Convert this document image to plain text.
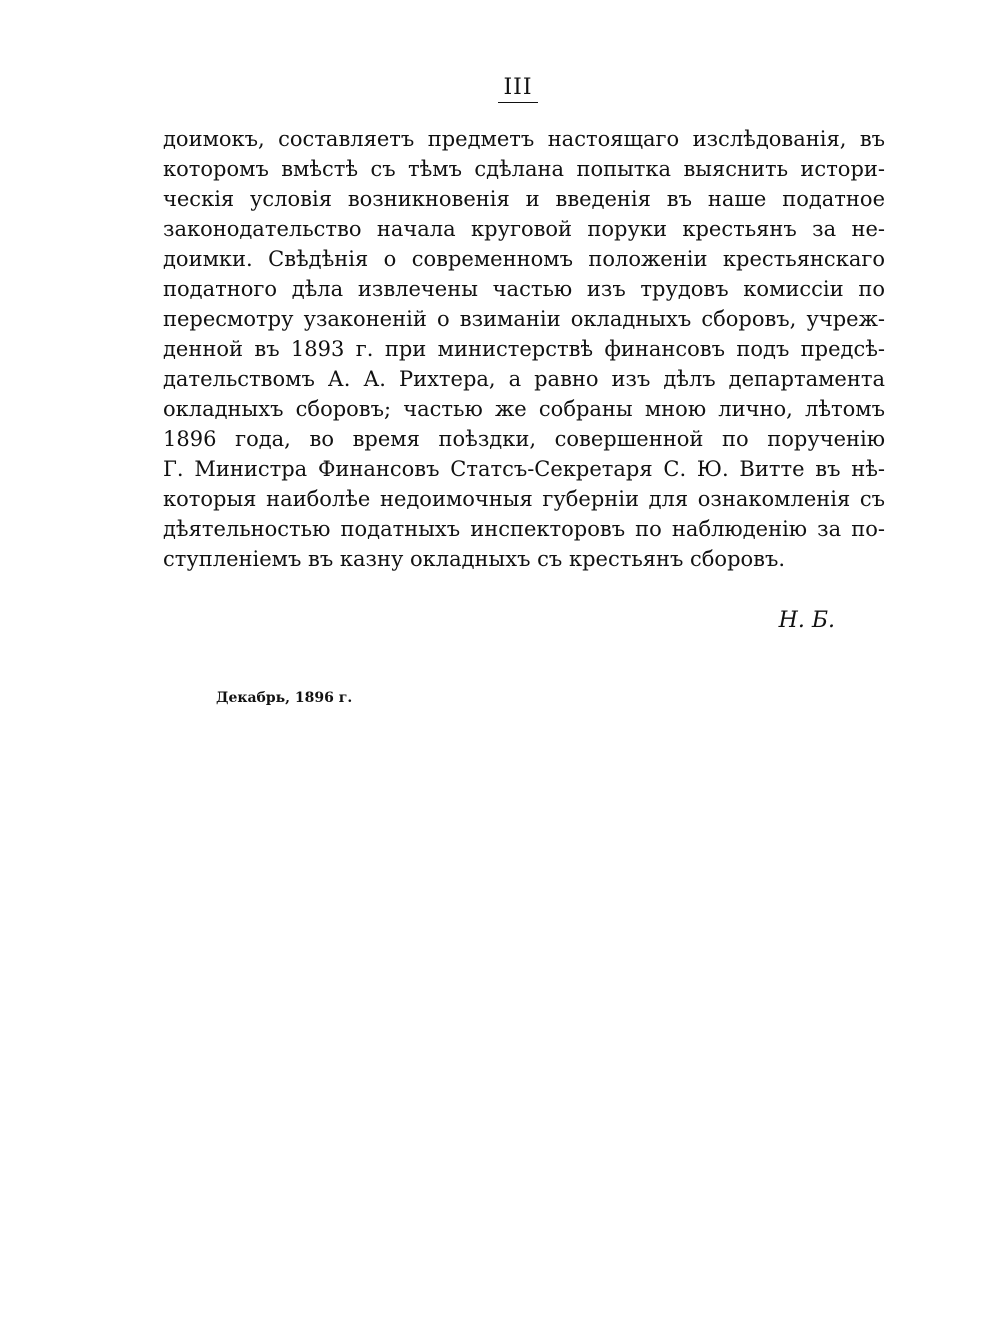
III
доимокъ, составляетъ предметъ настоящаго изслѣдованія, въ
которомъ вмѣстѣ съ тѣмъ сдѣлана попытка выяснить истори-
ческія условія возникновенія и введенія въ наше податное
законодательство начала круговой поруки крестьянъ за не-
доимки. Свѣдѣнія о современномъ положеніи крестьянскаго
податного дѣла извлечены частью изъ трудовъ комиссіи по
пересмотру узаконеній о взиманіи окладныхъ сборовъ, учреж-
денной въ 1893 г. при министерствѣ финансовъ подъ предсѣ-
дательствомъ А. А. Рихтера, а равно изъ дѣлъ департамента
окладныхъ сборовъ; частью же собраны мною лично, лѣтомъ
1896 года, во время поѣздки, совершенной по порученію
Г. Министра Финансовъ Статсъ-Секретаря С. Ю. Витте въ нѣ-
которыя наиболѣе недоимочныя губерніи для ознакомленія съ
дѣятельностью податныхъ инспекторовъ по наблюденію за по-
ступленіемъ въ казну окладныхъ съ крестьянъ сборовъ.
Н. Б.
Декабрь, 1896 г.
